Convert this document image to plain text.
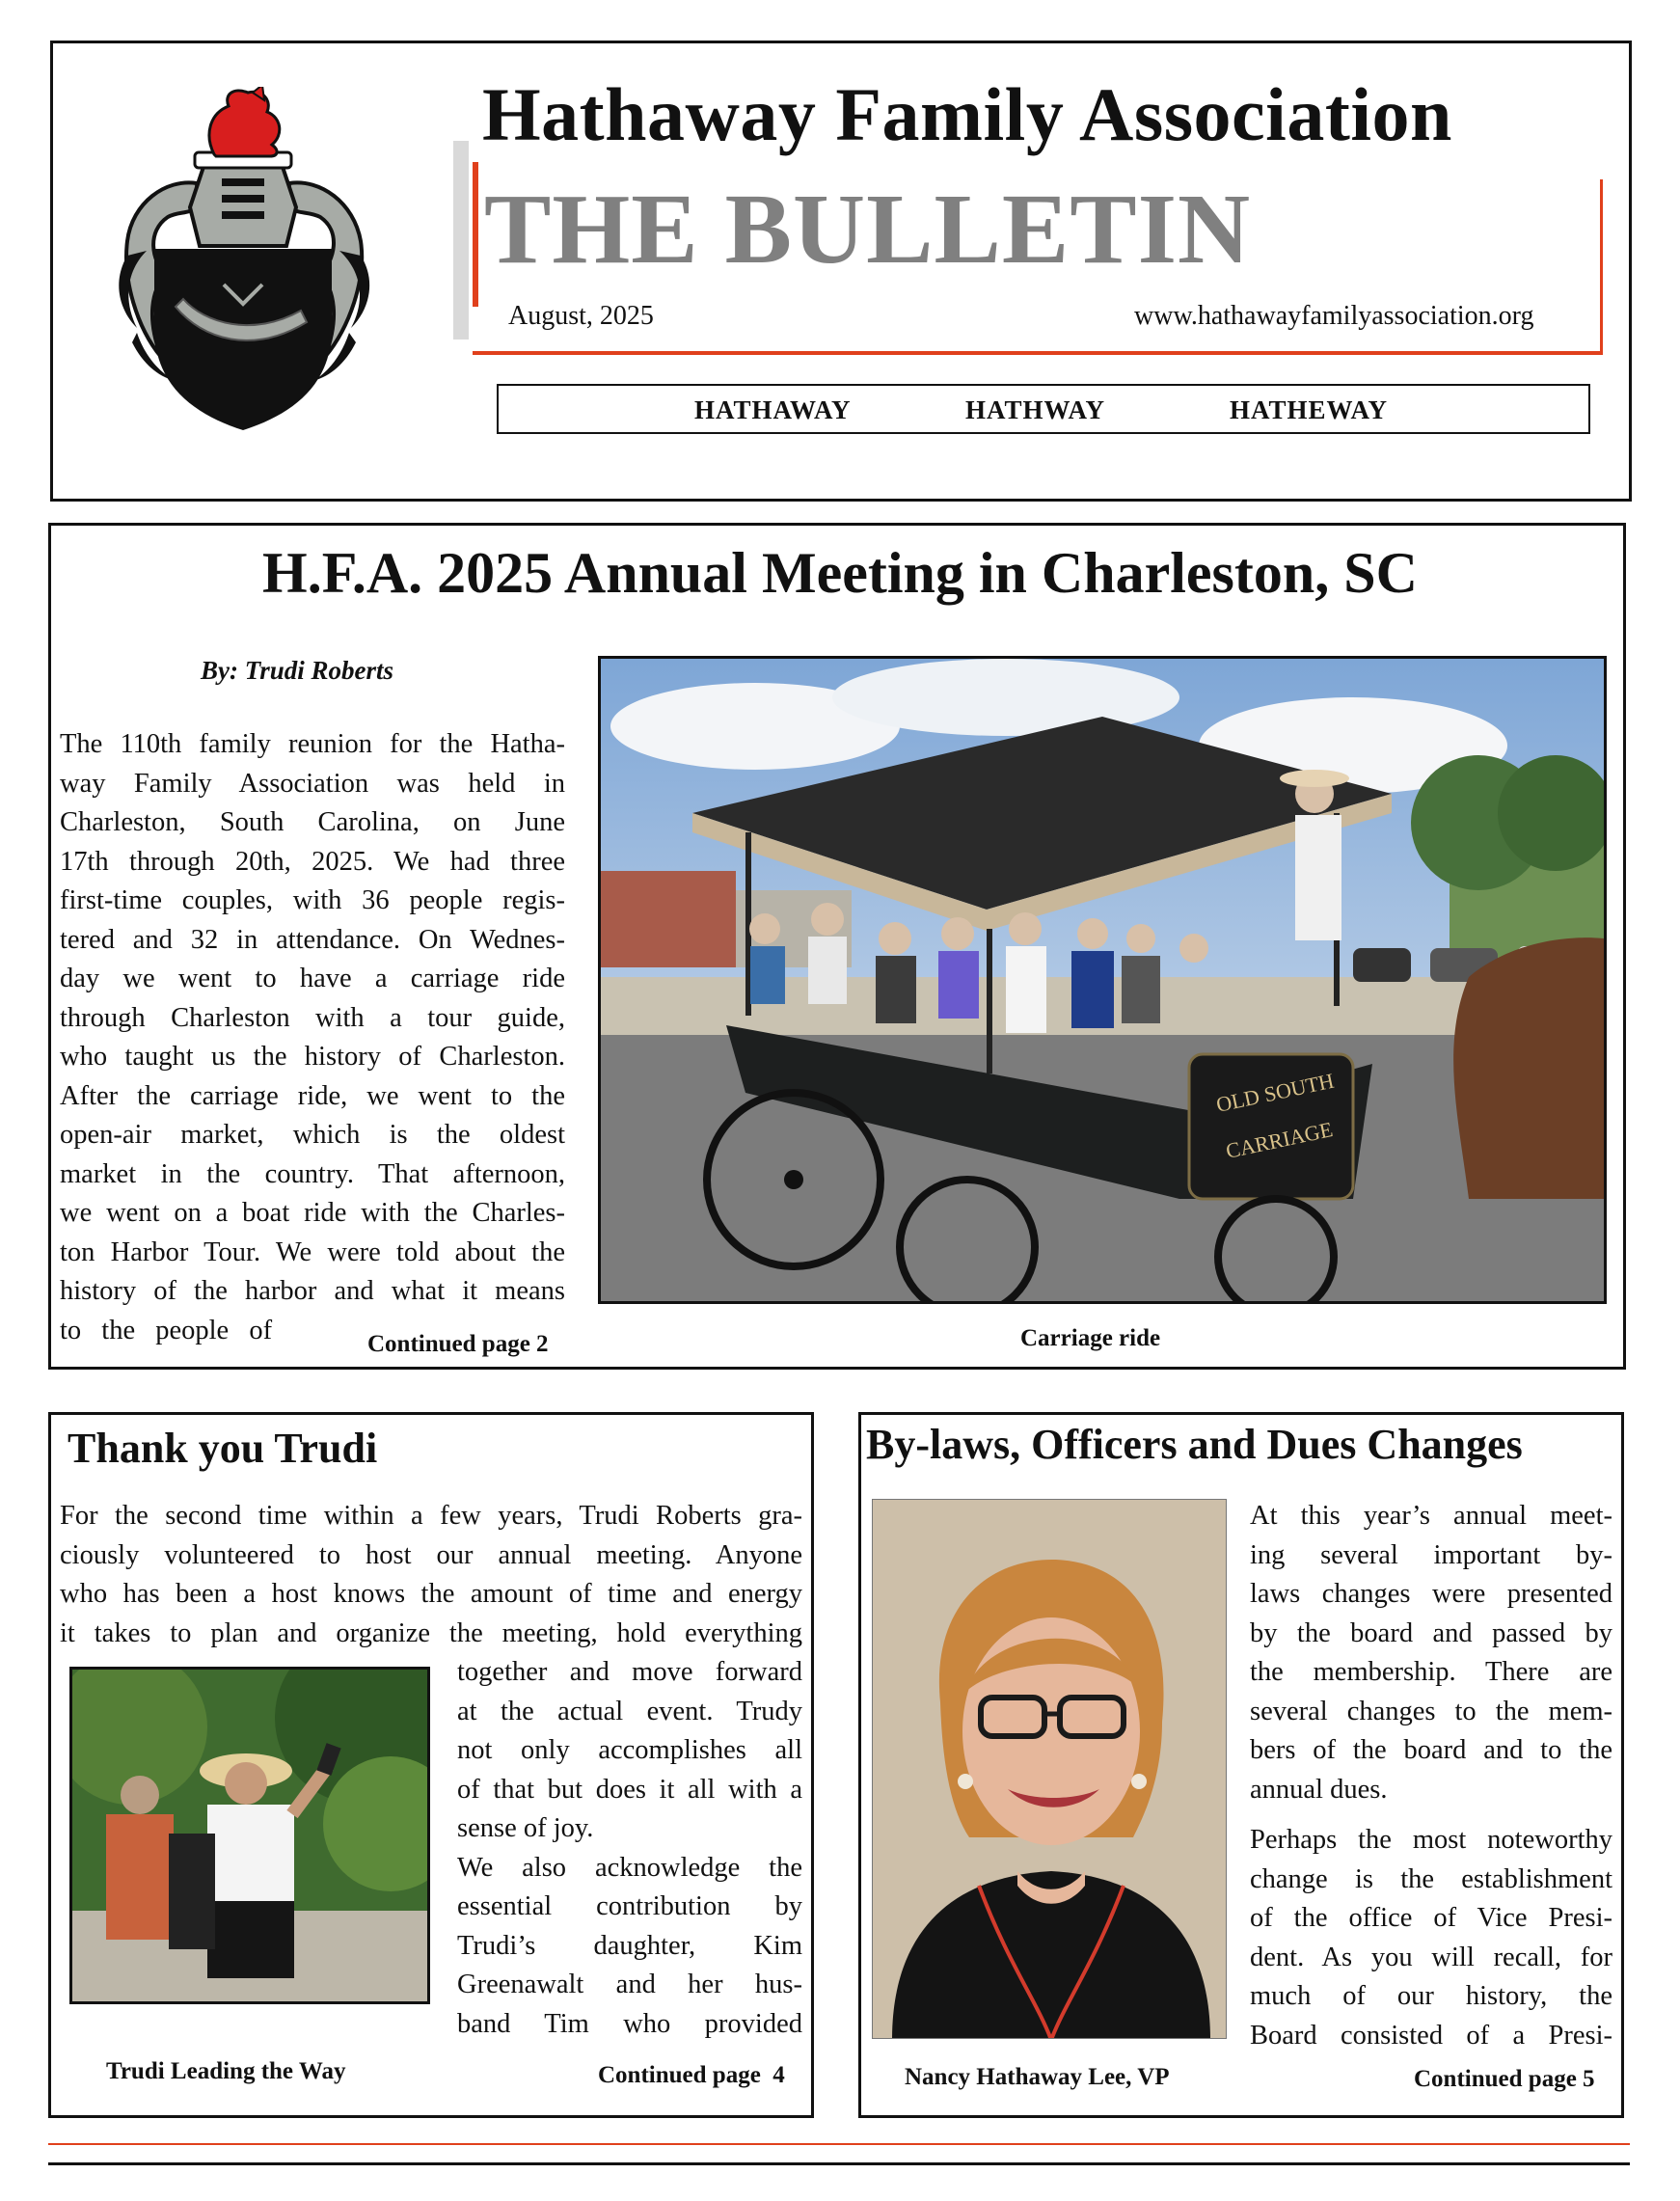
Hathaway Family Association
THE BULLETIN
August, 2025	www.hathawayfamilyassociation.org
HATHAWAY	HATHWAY	HATHEWAY
H.F.A. 2025 Annual Meeting in Charleston, SC
By: Trudi Roberts
The 110th family reunion for the Hatha-
way Family Association was held in
Charleston, South Carolina, on June
17th through 20th, 2025. We had three
first-time couples, with 36 people regis-
tered and 32 in attendance. On Wednes-
day we went to have a carriage ride
through Charleston with a tour guide,
who taught us the history of Charleston.
After the carriage ride, we went to the
open-air market, which is the oldest
market in the country. That afternoon,
we went on a boat ride with the Charles-
ton Harbor Tour. We were told about the
history of the harbor and what it means
to the people of	Continued page 2
OLD SOUTH
CARRIAGE
Carriage ride
Thank you Trudi
For the second time within a few years, Trudi Roberts gra-
ciously volunteered to host our annual meeting. Anyone
who has been a host knows the amount of time and energy
it takes to plan and organize the meeting, hold everything
together and move forward
at the actual event. Trudy
not only accomplishes all
of that but does it all with a
sense of joy.
We also acknowledge the
essential contribution by
Trudi’s daughter, Kim
Greenawalt and her hus-
band Tim who provided
Trudi Leading the Way	Continued page  4
By-laws, Officers and Dues Changes
Nancy Hathaway Lee, VP
At this year’s annual meet-
ing several important by-
laws changes were presented
by the board and passed by
the membership. There are
several changes to the mem-
bers of the board and to the
annual dues.
Perhaps the most noteworthy
change is the establishment
of the office of Vice Presi-
dent. As you will recall, for
much of our history, the
Board consisted of a Presi-
Continued page 5
